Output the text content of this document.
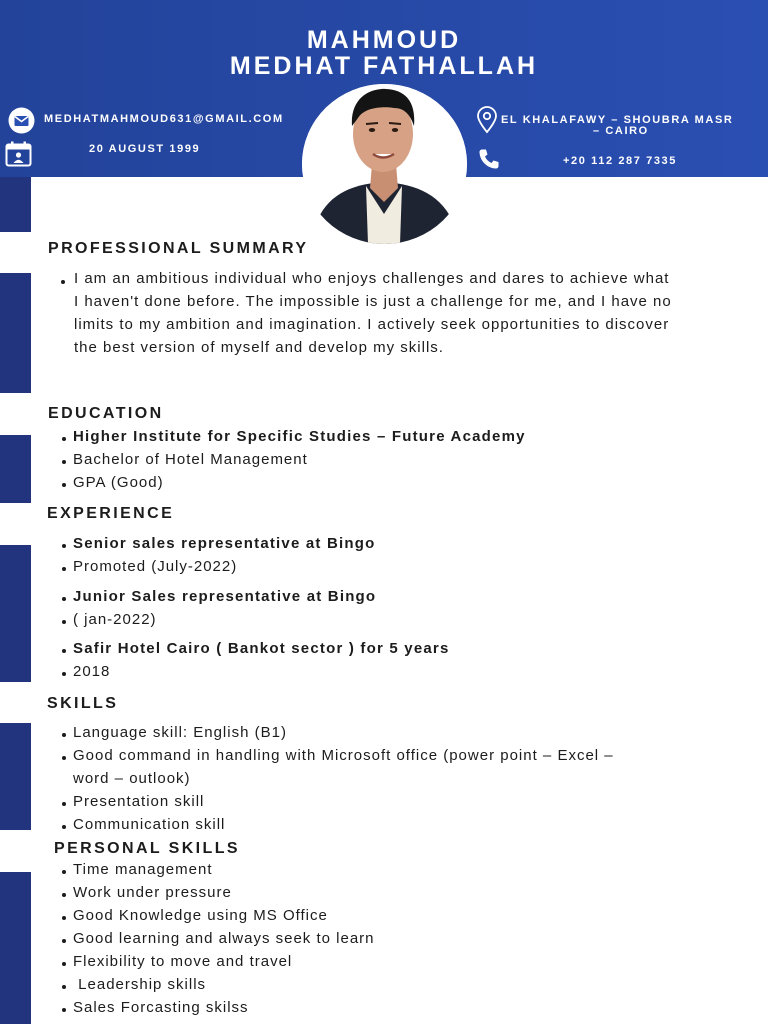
MAHMOUD
MEDHAT FATHALLAH
MEDHATMAHMOUD631@GMAIL.COM
20 AUGUST 1999
EL KHALAFAWY – SHOUBRA MASR
– CAIRO
+20 112 287 7335
PROFESSIONAL SUMMARY
I am an ambitious individual who enjoys challenges and dares to achieve what I haven't done before. The impossible is just a challenge for me, and I have no limits to my ambition and imagination. I actively seek opportunities to discover the best version of myself and develop my skills.
EDUCATION
Higher Institute for Specific Studies – Future Academy
Bachelor of Hotel Management
GPA (Good)
EXPERIENCE
Senior sales representative at Bingo
Promoted (July-2022)
Junior Sales representative at Bingo
( jan-2022)
Safir Hotel Cairo ( Bankot sector ) for 5 years
2018
SKILLS
Language skill: English (B1)
Good command in handling with Microsoft office (power point – Excel –
word – outlook)
Presentation skill
Communication skill
PERSONAL SKILLS
Time management
Work under pressure
Good Knowledge using MS Office
Good learning and always seek to learn
Flexibility to move and travel
Leadership skills
Sales Forcasting skilss
